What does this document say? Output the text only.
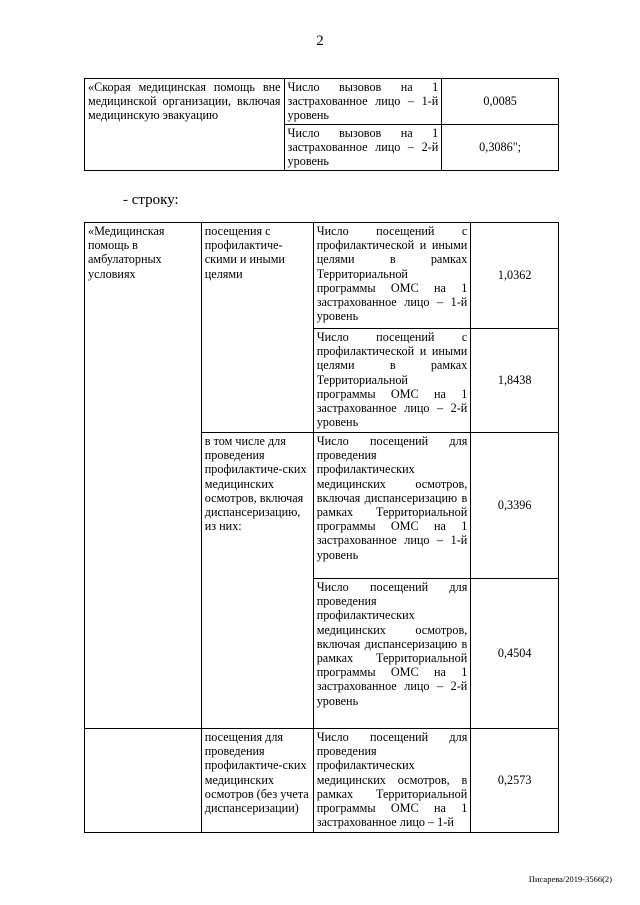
2
«Скорая медицинская помощь вне медицинской организации, включая медицинскую эвакуацию	Число вызовов на 1 застрахованное лицо – 1-й уровень	0,0085
	Число вызовов на 1 застрахованное лицо – 2-й уровень	0,3086";
- строку:
«Медицинская помощь в амбулаторных условиях	посещения с профилактиче-скими и иными целями	Число посещений с профилактической и иными целями в рамках Территориальной программы ОМС на 1 застрахованное лицо – 1-й уровень	1,0362
		Число посещений с профилактической и иными целями в рамках Территориальной программы ОМС на 1 застрахованное лицо – 2-й уровень	1,8438
	в том числе для проведения профилактиче-ских медицинских осмотров, включая диспансеризацию, из них:	Число посещений для проведения профилактических медицинских осмотров, включая диспансеризацию в рамках Территориальной программы ОМС на 1 застрахованное лицо – 1-й уровень	0,3396
		Число посещений для проведения профилактических медицинских осмотров, включая диспансеризацию в рамках Территориальной программы ОМС на 1 застрахованное лицо – 2-й уровень	0,4504
	посещения для проведения профилактиче-ских медицинских осмотров (без учета диспансеризации)	Число посещений для проведения профилактических медицинских осмотров, в рамках Территориальной программы ОМС на 1 застрахованное лицо – 1-й	0,2573
Писарева/2019-3566(2)
